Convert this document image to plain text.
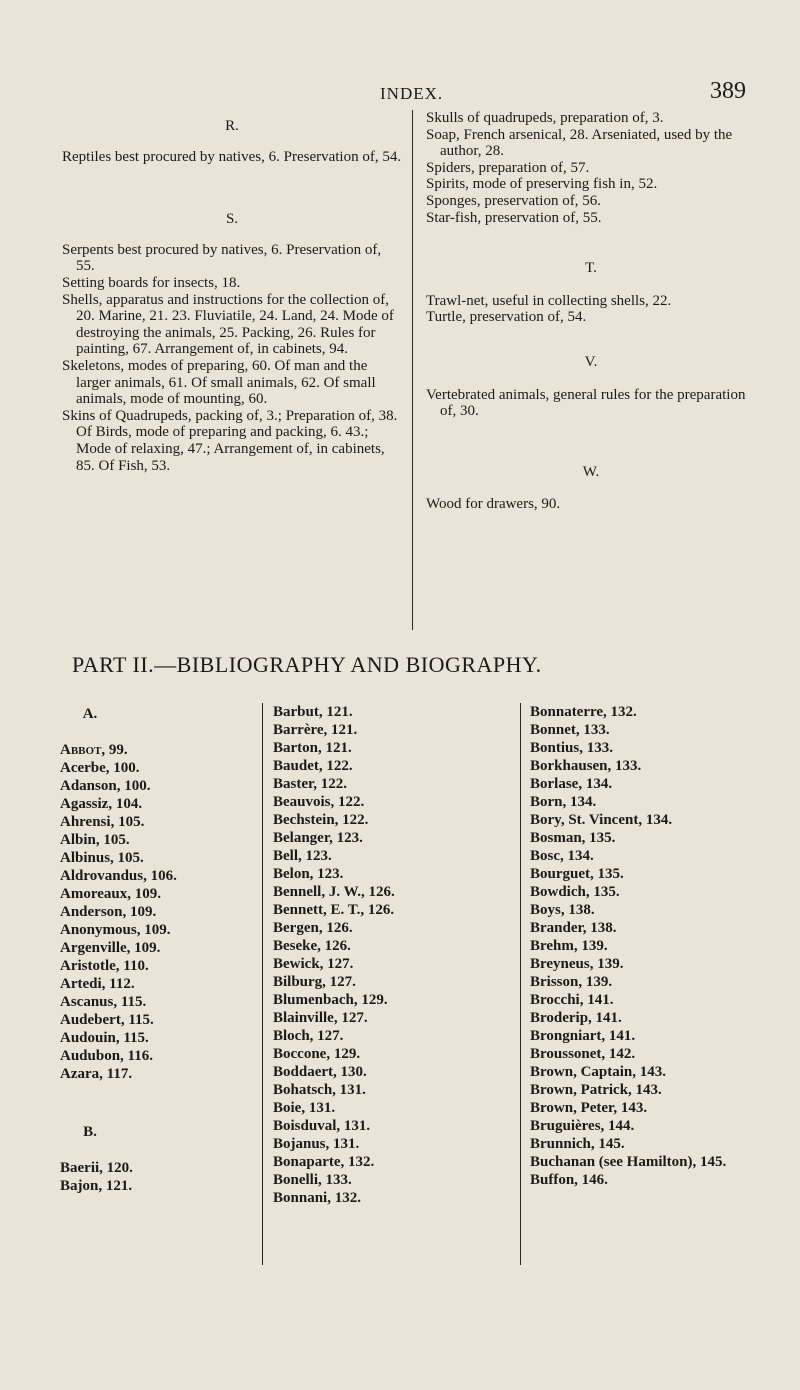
INDEX.	389

R.

Reptiles best procured by natives, 6. Preservation of, 54.

S.

Serpents best procured by natives, 6. Preservation of, 55.

Setting boards for insects, 18.

Shells, apparatus and instructions for the collection of, 20. Marine, 21. 23. Fluviatile, 24. Land, 24. Mode of destroying the animals, 25. Packing, 26. Rules for painting, 67. Arrangement of, in cabinets, 94.

Skeletons, modes of preparing, 60. Of man and the larger animals, 61. Of small animals, 62. Of small animals, mode of mounting, 60.

Skins of Quadrupeds, packing of, 3.; Preparation of, 38. Of Birds, mode of preparing and packing, 6. 43.; Mode of relaxing, 47.; Arrangement of, in cabinets, 85. Of Fish, 53.

Skulls of quadrupeds, preparation of, 3.

Soap, French arsenical, 28. Arseniated, used by the author, 28.

Spiders, preparation of, 57.

Spirits, mode of preserving fish in, 52.

Sponges, preservation of, 56.

Star-fish, preservation of, 55.

T.

Trawl-net, useful in collecting shells, 22.

Turtle, preservation of, 54.

V.

Vertebrated animals, general rules for the preparation of, 30.

W.

Wood for drawers, 90.

PART II.—BIBLIOGRAPHY AND BIOGRAPHY.

A.

Abbot, 99.

Acerbe, 100.

Adanson, 100.

Agassiz, 104.

Ahrensi, 105.

Albin, 105.

Albinus, 105.

Aldrovandus, 106.

Amoreaux, 109.

Anderson, 109.

Anonymous, 109.

Argenville, 109.

Aristotle, 110.

Artedi, 112.

Ascanus, 115.

Audebert, 115.

Audouin, 115.

Audubon, 116.

Azara, 117.

B.

Baerii, 120.

Bajon, 121.

Barbut, 121.

Barrère, 121.

Barton, 121.

Baudet, 122.

Baster, 122.

Beauvois, 122.

Bechstein, 122.

Belanger, 123.

Bell, 123.

Belon, 123.

Bennell, J. W., 126.

Bennett, E. T., 126.

Bergen, 126.

Beseke, 126.

Bewick, 127.

Bilburg, 127.

Blumenbach, 129.

Blainville, 127.

Bloch, 127.

Boccone, 129.

Boddaert, 130.

Bohatsch, 131.

Boie, 131.

Boisduval, 131.

Bojanus, 131.

Bonaparte, 132.

Bonelli, 133.

Bonnani, 132.

Bonnaterre, 132.

Bonnet, 133.

Bontius, 133.

Borkhausen, 133.

Borlase, 134.

Born, 134.

Bory, St. Vincent, 134.

Bosman, 135.

Bosc, 134.

Bourguet, 135.

Bowdich, 135.

Boys, 138.

Brander, 138.

Brehm, 139.

Breyneus, 139.

Brisson, 139.

Brocchi, 141.

Broderip, 141.

Brongniart, 141.

Broussonet, 142.

Brown, Captain, 143.

Brown, Patrick, 143.

Brown, Peter, 143.

Bruguières, 144.

Brunnich, 145.

Buchanan (see Hamilton), 145.

Buffon, 146.
